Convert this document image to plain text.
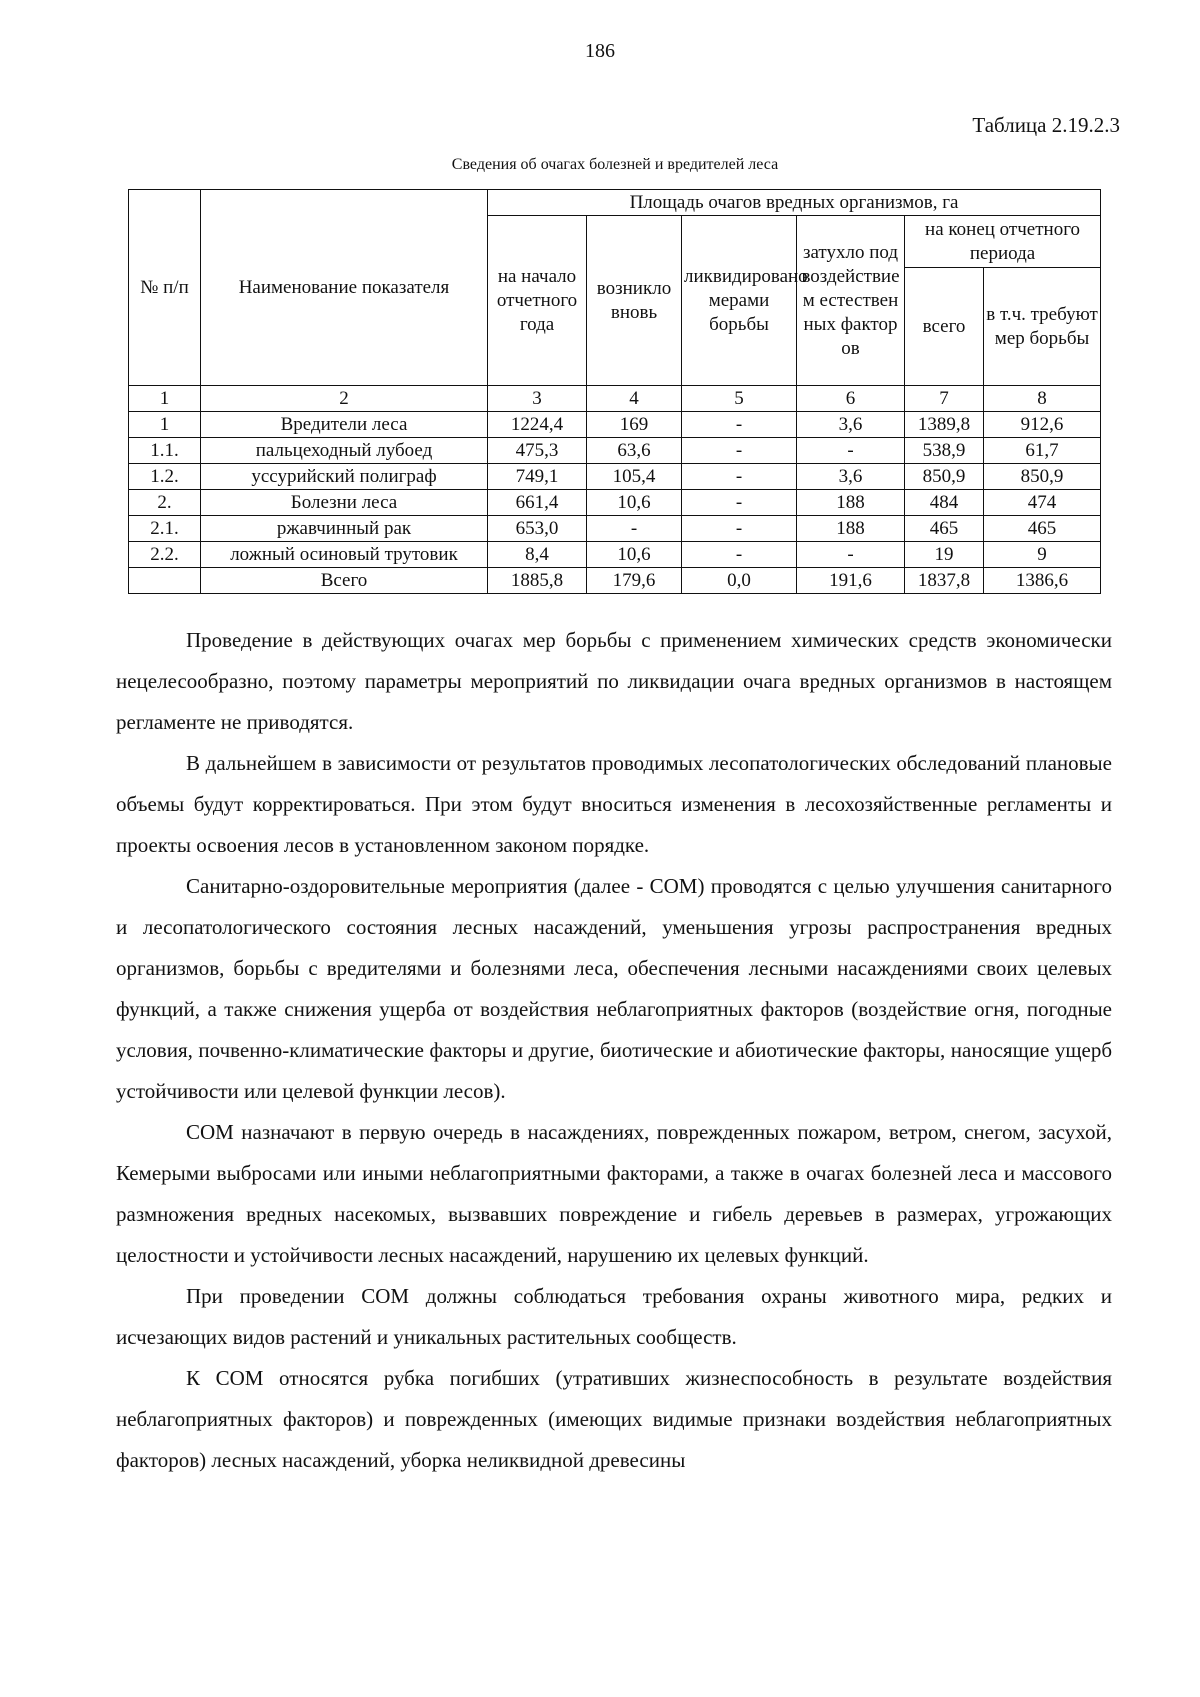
186
Таблица 2.19.2.3
Сведения об очагах болезней и вредителей леса
№ п/п	Наименование показателя	Площадь очагов вредных организмов, га					
		на начало отчетного года	возникло вновь	ликвидировано мерами борьбы	затухло под воздействием естественных факторов	на конец отчетного периода	
						всего	в т.ч. требуют мер борьбы
1	2	3	4	5	6	7	8
1	Вредители леса	1224,4	169	-	3,6	1389,8	912,6
1.1.	пальцеходный лубоед	475,3	63,6	-	-	538,9	61,7
1.2.	уссурийский полиграф	749,1	105,4	-	3,6	850,9	850,9
2.	Болезни леса	661,4	10,6	-	188	484	474
2.1.	ржавчинный рак	653,0	-	-	188	465	465
2.2.	ложный осиновый трутовик	8,4	10,6	-	-	19	9
	Всего	1885,8	179,6	0,0	191,6	1837,8	1386,6

Проведение в действующих очагах мер борьбы с применением химических средств экономически нецелесообразно, поэтому параметры мероприятий по ликвидации очага вредных организмов в настоящем регламенте не приводятся.

В дальнейшем в зависимости от результатов проводимых лесопатологических обследований плановые объемы будут корректироваться. При этом будут вноситься изменения в лесохозяйственные регламенты и проекты освоения лесов в установленном законом порядке.

Санитарно-оздоровительные мероприятия (далее - СОМ) проводятся с целью улучшения санитарного и лесопатологического состояния лесных насаждений, уменьшения угрозы распространения вредных организмов, борьбы с вредителями и болезнями леса, обеспечения лесными насаждениями своих целевых функций, а также снижения ущерба от воздействия неблагоприятных факторов (воздействие огня, погодные условия, почвенно-климатические факторы и другие, биотические и абиотические факторы, наносящие ущерб устойчивости или целевой функции лесов).

СОМ назначают в первую очередь в насаждениях, поврежденных пожаром, ветром, снегом, засухой, Кемерыми выбросами или иными неблагоприятными факторами, а также в очагах болезней леса и массового размножения вредных насекомых, вызвавших повреждение и гибель деревьев в размерах, угрожающих целостности и устойчивости лесных насаждений, нарушению их целевых функций.

При проведении СОМ должны соблюдаться требования охраны животного мира, редких и исчезающих видов растений и уникальных растительных сообществ.

К СОМ относятся рубка погибших (утративших жизнеспособность в результате воздействия неблагоприятных факторов) и поврежденных (имеющих видимые признаки воздействия неблагоприятных факторов) лесных насаждений, уборка неликвидной древесины
